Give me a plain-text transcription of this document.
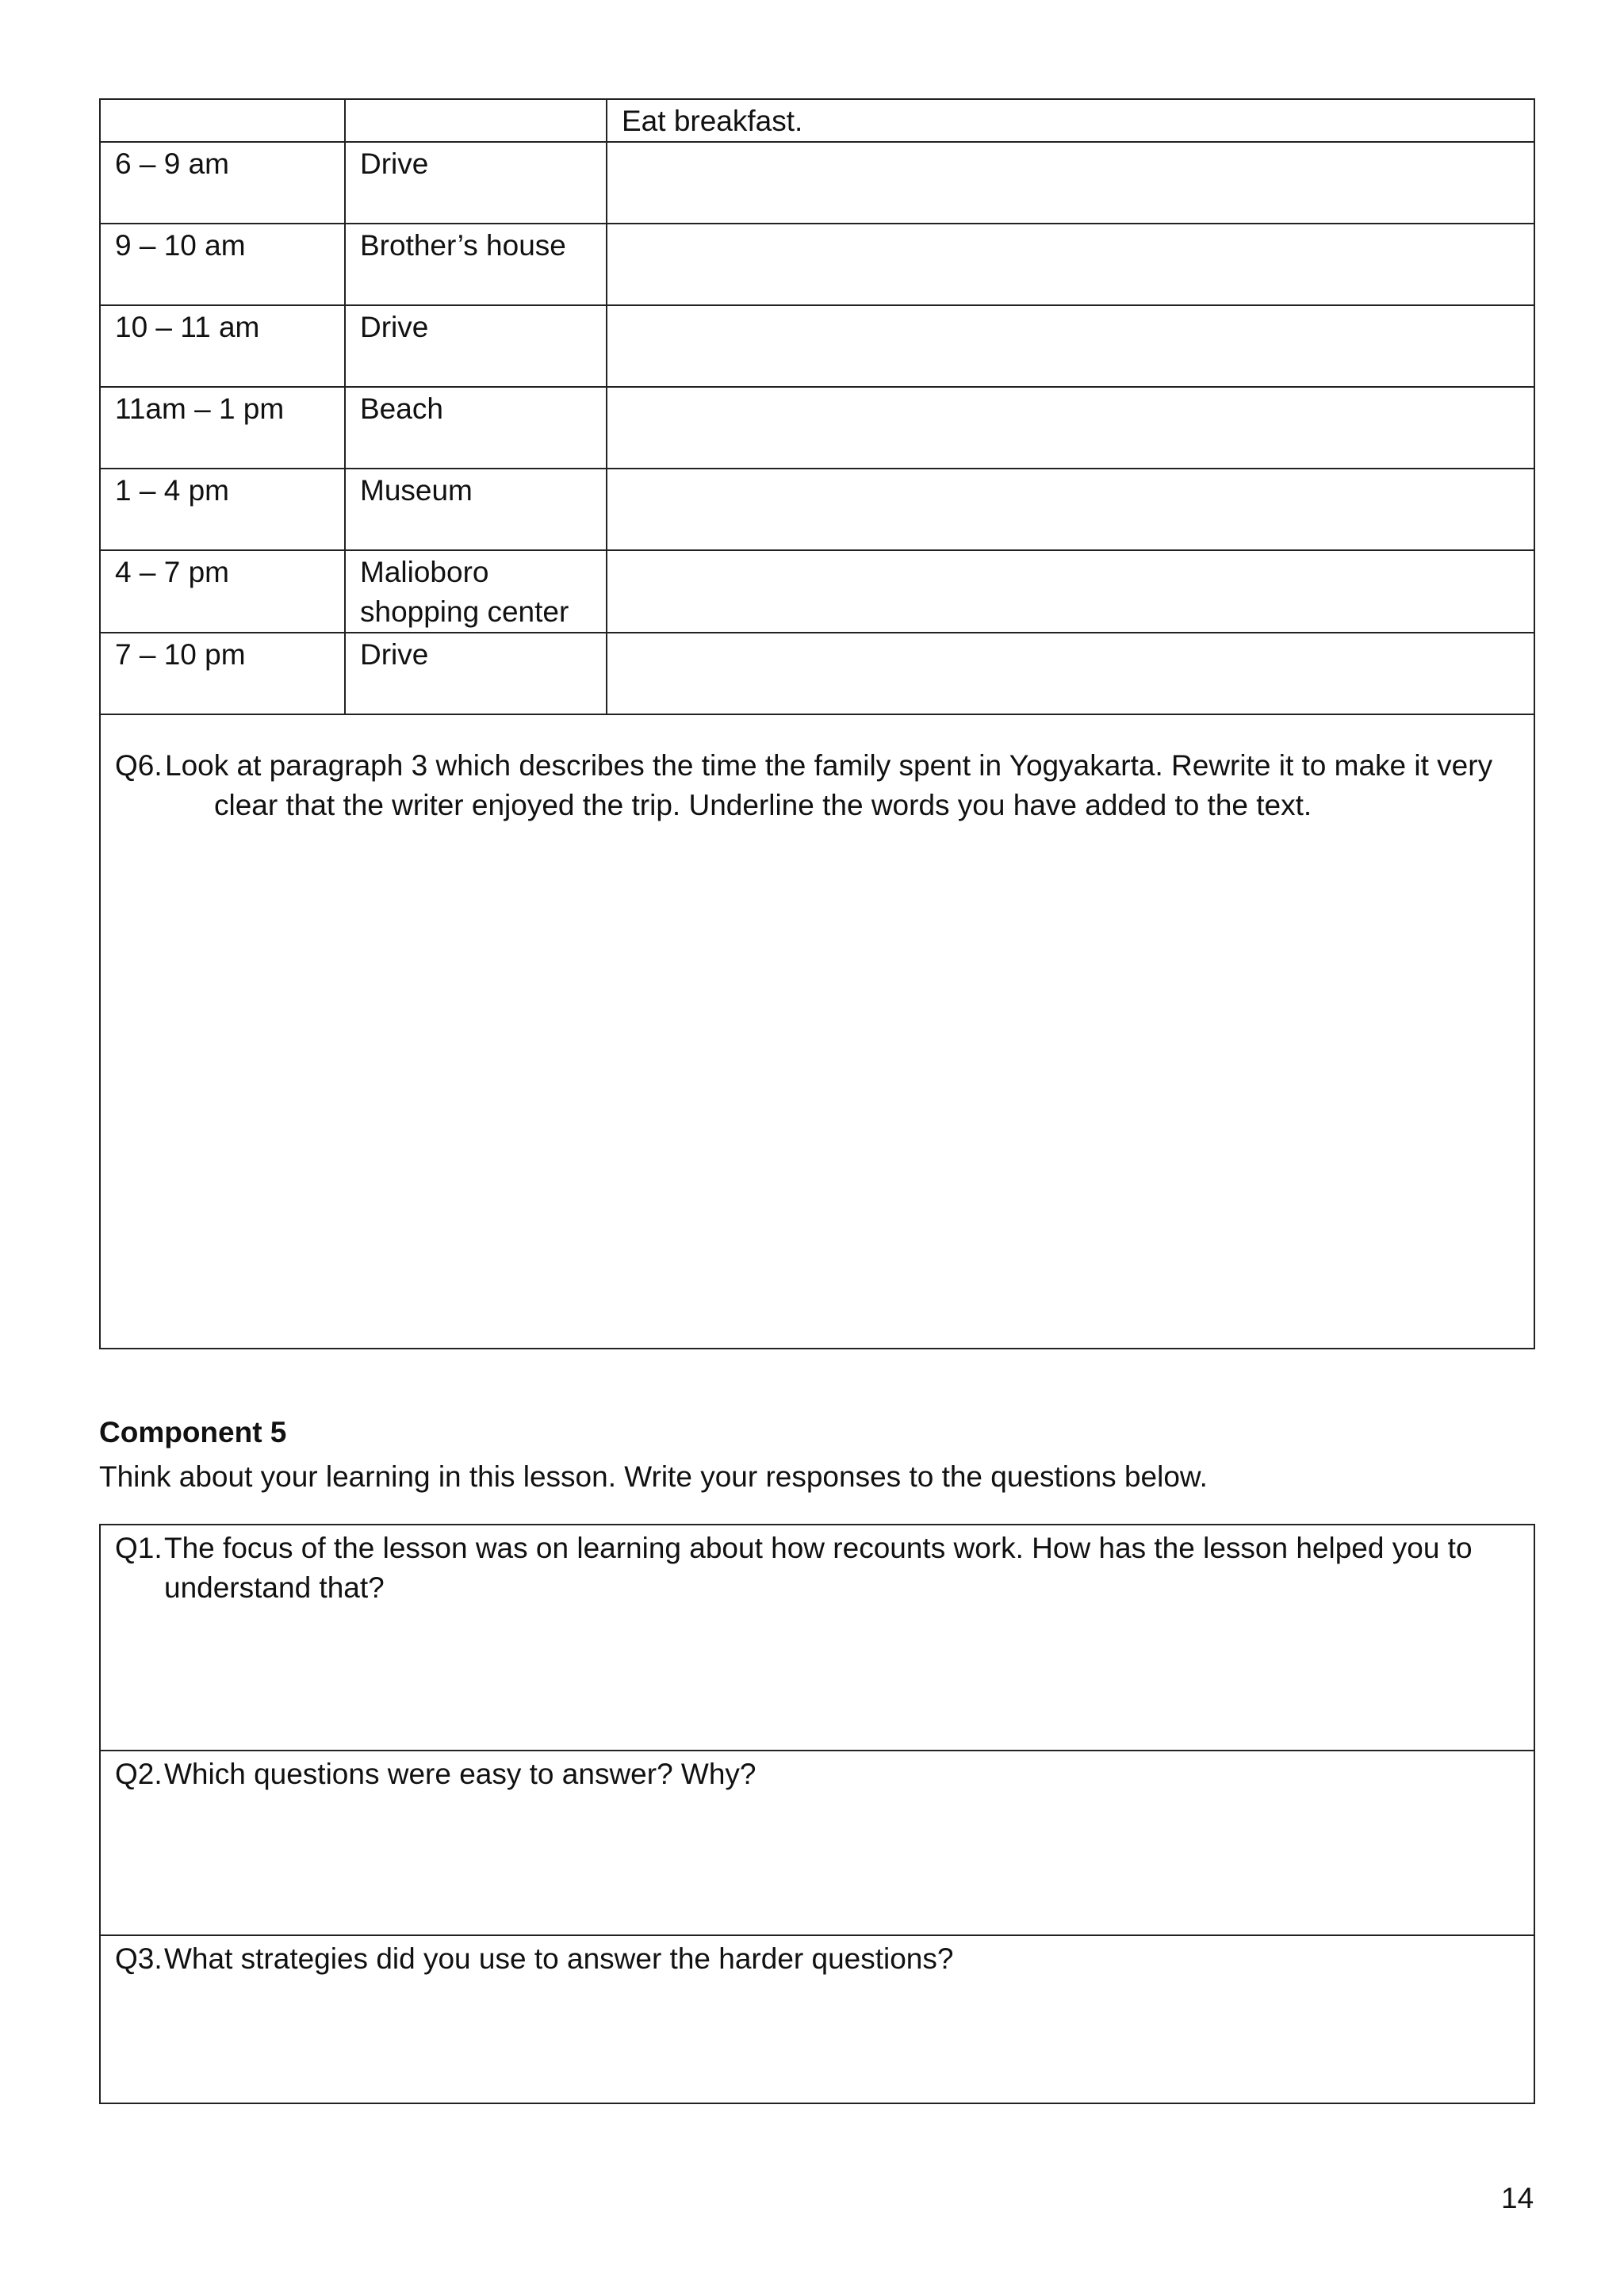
		Eat breakfast.
6 – 9 am	Drive	
9 – 10 am	Brother’s house	
10 – 11 am	Drive	
11am – 1 pm	Beach	
1 – 4 pm	Museum	
4 – 7 pm	Malioboro shopping center	
7 – 10 pm	Drive	
Q6. Look at paragraph 3 which describes the time the family spent in Yogyakarta. Rewrite it to make it very clear that the writer enjoyed the trip. Underline the words you have added to the text.
Component 5
Think about your learning in this lesson. Write your responses to the questions below.
Q1. The focus of the lesson was on learning about how recounts work. How has the lesson helped you to understand that?

Q2. Which questions were easy to answer? Why?

Q3. What strategies did you use to answer the harder questions?
14
